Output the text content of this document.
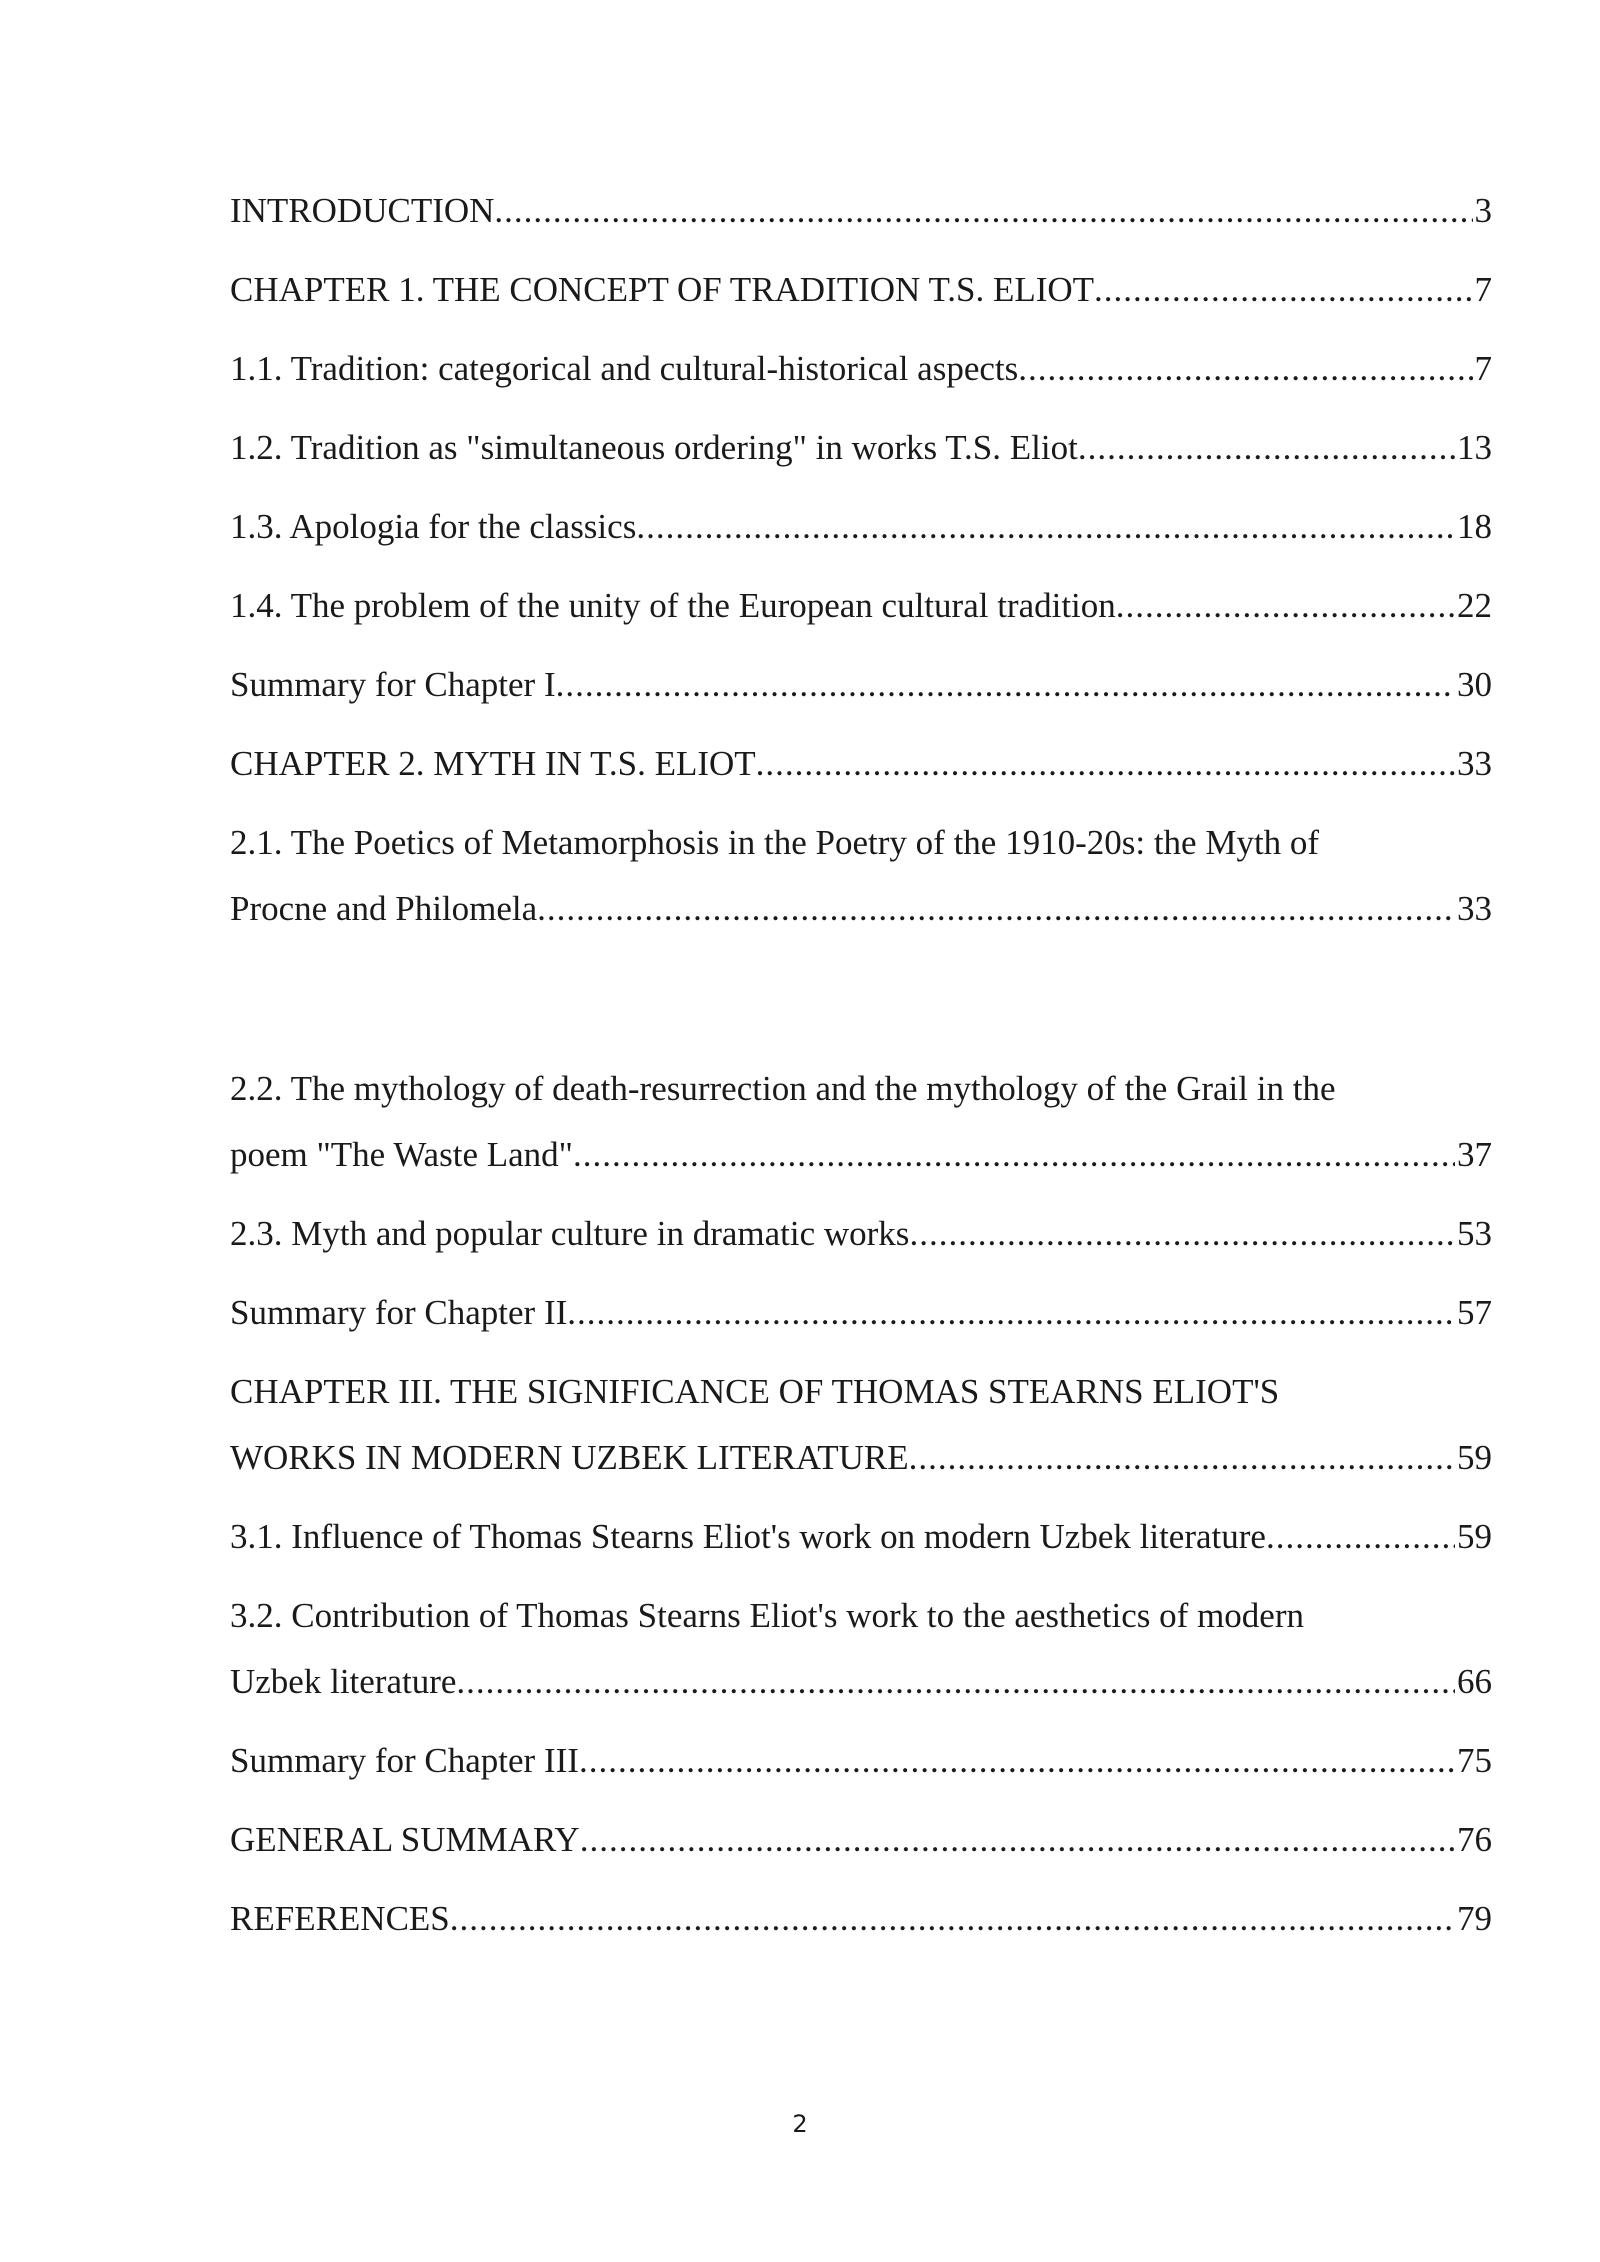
INTRODUCTION .....	3
CHAPTER 1. THE CONCEPT OF TRADITION T.S. ELIOT .....	7
1.1. Tradition: categorical and cultural-historical aspects .....	7
1.2. Tradition as "simultaneous ordering" in works T.S. Eliot .....	13
1.3. Apologia for the classics .....	18
1.4. The problem of the unity of the European cultural tradition .....	22
Summary for Chapter I .....	30
CHAPTER 2. MYTH IN T.S. ELIOT .....	33
2.1. The Poetics of Metamorphosis in the Poetry of the 1910-20s: the Myth of
Procne and Philomela .....	33
2.2. The mythology of death-resurrection and the mythology of the Grail in the
poem "The Waste Land" .....	37
2.3. Myth and popular culture in dramatic works .....	53
Summary for Chapter II .....	57
CHAPTER III. THE SIGNIFICANCE OF THOMAS STEARNS ELIOT'S
WORKS IN MODERN UZBEK LITERATURE .....	59
3.1. Influence of Thomas Stearns Eliot's work on modern Uzbek literature .....	59
3.2. Contribution of Thomas Stearns Eliot's work to the aesthetics of modern
Uzbek literature .....	66
Summary for Chapter III .....	75
GENERAL SUMMARY .....	76
REFERENCES .....	79
2
